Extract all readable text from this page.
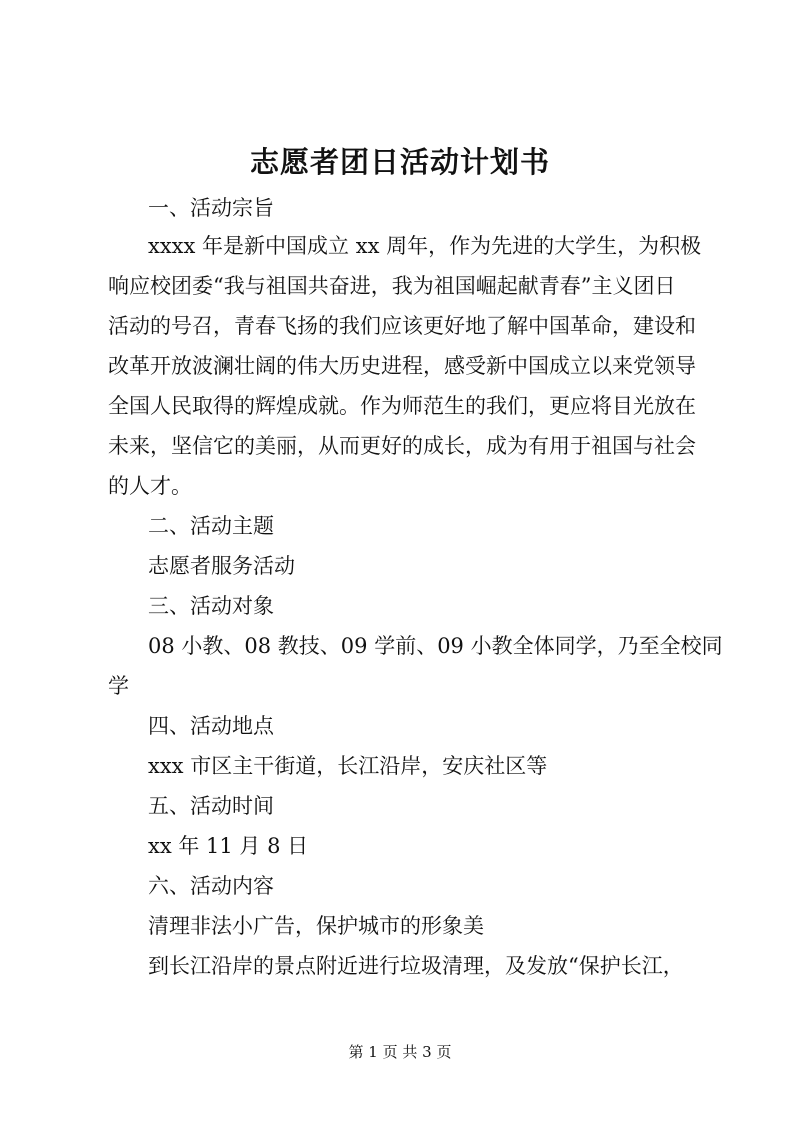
志愿者团日活动计划书
一、活动宗旨
xxxx 年是新中国成立 xx 周年，作为先进的大学生，为积极
响应校团委“我与祖国共奋进，我为祖国崛起献青春”主义团日
活动的号召，青春飞扬的我们应该更好地了解中国革命，建设和
改革开放波澜壮阔的伟大历史进程，感受新中国成立以来党领导
全国人民取得的辉煌成就。作为师范生的我们，更应将目光放在
未来，坚信它的美丽，从而更好的成长，成为有用于祖国与社会
的人才。
二、活动主题
志愿者服务活动
三、活动对象
08 小教、08 教技、09 学前、09 小教全体同学，乃至全校同
学
四、活动地点
xxx 市区主干街道，长江沿岸，安庆社区等
五、活动时间
xx 年 11 月 8 日
六、活动内容
清理非法小广告，保护城市的形象美
到长江沿岸的景点附近进行垃圾清理，及发放“保护长江，
第 1 页 共 3 页
